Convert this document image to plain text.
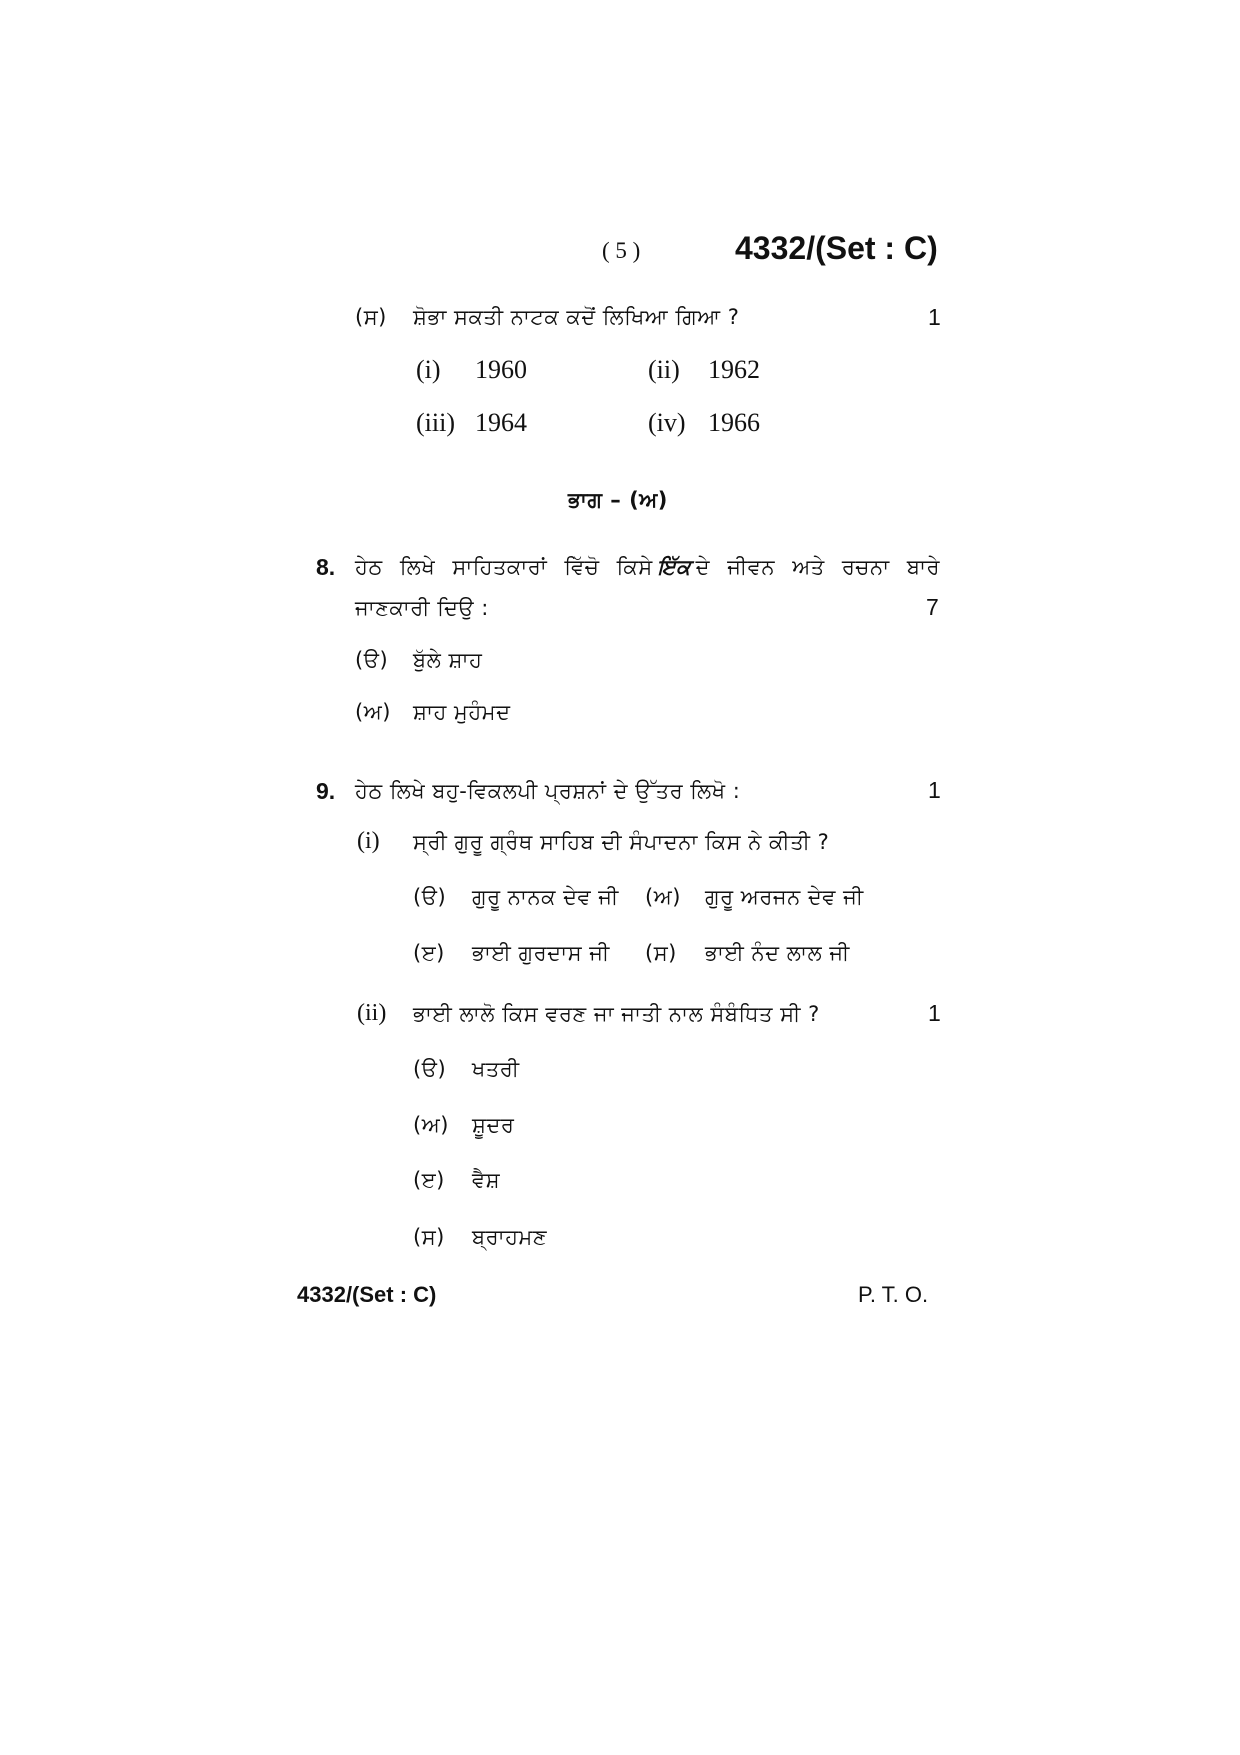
( 5 )	4332/(Set : C)
(ਸ) ਸ਼ੋਭਾ ਸਕਤੀ ਨਾਟਕ ਕਦੋਂ ਲਿਖਿਆ ਗਿਆ ?	1
(i) 1960	(ii) 1962
(iii) 1964	(iv) 1966
ਭਾਗ – (ਅ)
8. ਹੇਠ ਲਿਖੇ ਸਾਹਿਤਕਾਰਾਂ ਵਿੱਚੋ ਕਿਸੇ ਇੱਕ ਦੇ ਜੀਵਨ ਅਤੇ ਰਚਨਾ ਬਾਰੇ
ਜਾਣਕਾਰੀ ਦਿਉ :	7
(ੳ) ਬੁੱਲੇ ਸ਼ਾਹ
(ਅ) ਸ਼ਾਹ ਮੁਹੰਮਦ
9. ਹੇਠ ਲਿਖੇ ਬਹੁ-ਵਿਕਲਪੀ ਪ੍ਰਸ਼ਨਾਂ ਦੇ ਉੱਤਰ ਲਿਖੋ :	1
(i) ਸ੍ਰੀ ਗੁਰੂ ਗ੍ਰੰਥ ਸਾਹਿਬ ਦੀ ਸੰਪਾਦਨਾ ਕਿਸ ਨੇ ਕੀਤੀ ?
(ੳ) ਗੁਰੂ ਨਾਨਕ ਦੇਵ ਜੀ (ਅ) ਗੁਰੂ ਅਰਜਨ ਦੇਵ ਜੀ
(ੲ) ਭਾਈ ਗੁਰਦਾਸ ਜੀ (ਸ) ਭਾਈ ਨੰਦ ਲਾਲ ਜੀ
(ii) ਭਾਈ ਲਾਲੋ ਕਿਸ ਵਰਣ ਜਾ ਜਾਤੀ ਨਾਲ ਸੰਬੰਧਿਤ ਸੀ ?	1
(ੳ) ਖਤਰੀ
(ਅ) ਸ਼ੂਦਰ
(ੲ) ਵੈਸ਼
(ਸ) ਬ੍ਰਾਹਮਣ
4332/(Set : C)	P. T. O.
